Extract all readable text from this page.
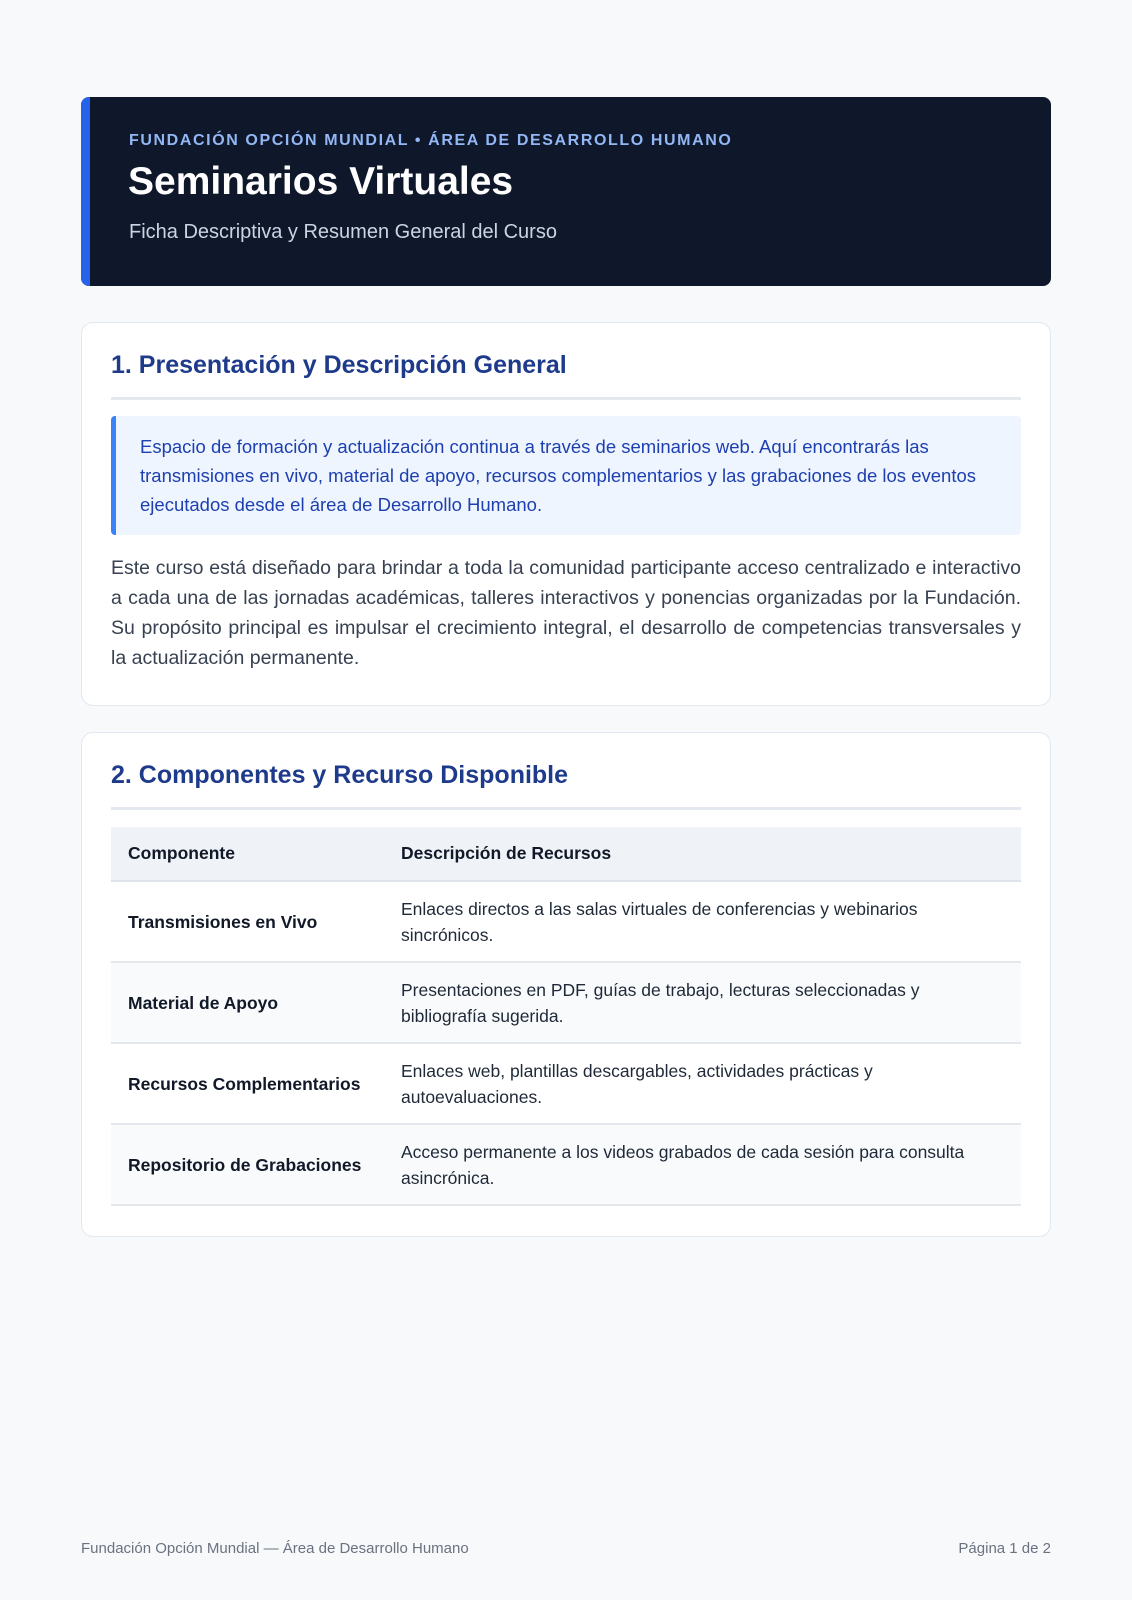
FUNDACIÓN OPCIÓN MUNDIAL • ÁREA DE DESARROLLO HUMANO
Seminarios Virtuales
Ficha Descriptiva y Resumen General del Curso
1. Presentación y Descripción General
Espacio de formación y actualización continua a través de seminarios web. Aquí encontrarás las transmisiones en vivo, material de apoyo, recursos complementarios y las grabaciones de los eventos ejecutados desde el área de Desarrollo Humano.
Este curso está diseñado para brindar a toda la comunidad participante acceso centralizado e interactivo a cada una de las jornadas académicas, talleres interactivos y ponencias organizadas por la Fundación. Su propósito principal es impulsar el crecimiento integral, el desarrollo de competencias transversales y la actualización permanente.
2. Componentes y Recurso Disponible
Componente	Descripción de Recursos
Transmisiones en Vivo	Enlaces directos a las salas virtuales de conferencias y webinarios sincrónicos.
Material de Apoyo	Presentaciones en PDF, guías de trabajo, lecturas seleccionadas y bibliografía sugerida.
Recursos Complementarios	Enlaces web, plantillas descargables, actividades prácticas y autoevaluaciones.
Repositorio de Grabaciones	Acceso permanente a los videos grabados de cada sesión para consulta asincrónica.
Fundación Opción Mundial — Área de Desarrollo Humano	Página 1 de 2
